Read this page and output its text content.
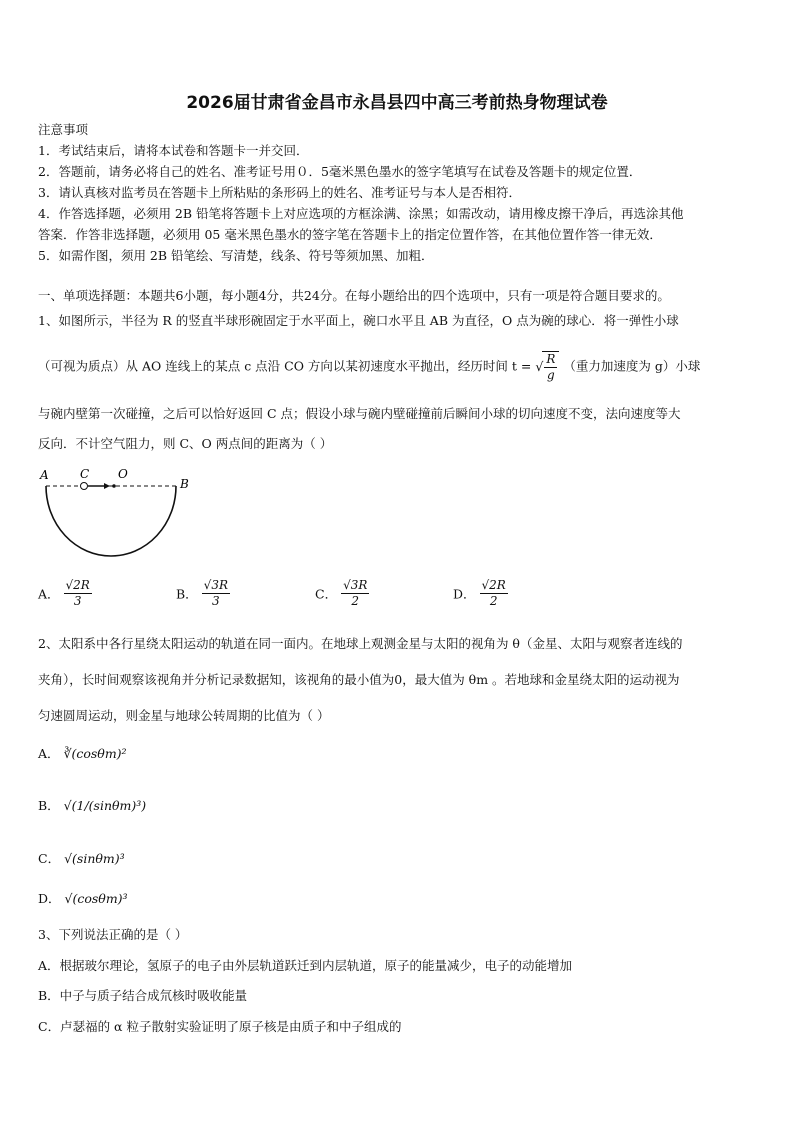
2026届甘肃省金昌市永昌县四中高三考前热身物理试卷
注意事项
1．考试结束后，请将本试卷和答题卡一并交回．
2．答题前，请务必将自己的姓名、准考证号用０．5毫米黑色墨水的签字笔填写在试卷及答题卡的规定位置．
3．请认真核对监考员在答题卡上所粘贴的条形码上的姓名、准考证号与本人是否相符．
4．作答选择题，必须用 2B 铅笔将答题卡上对应选项的方框涂满、涂黑；如需改动，请用橡皮擦干净后，再选涂其他
答案．作答非选择题，必须用 05 毫米黑色墨水的签字笔在答题卡上的指定位置作答，在其他位置作答一律无效．
5．如需作图，须用 2B 铅笔绘、写清楚，线条、符号等须加黑、加粗．
一、单项选择题：本题共6小题，每小题4分，共24分。在每小题给出的四个选项中，只有一项是符合题目要求的。
1、如图所示，半径为 R 的竖直半球形碗固定于水平面上，碗口水平且 AB 为直径，O 点为碗的球心．将一弹性小球
（可视为质点）从 AO 连线上的某点 c 点沿 CO 方向以某初速度水平抛出，经历时间 t = √ $\frac{R}{g}$ （重力加速度为 g）小球
与碗内壁第一次碰撞，之后可以恰好返回 C 点；假设小球与碗内壁碰撞前后瞬间小球的切向速度不变，法向速度等大
反向．不计空气阻力，则 C、O 两点间的距离为（ ）
A	C O
B
A． $\frac{√2R}{3}$	B． $\frac{√3R}{3}$	C． $\frac{√3R}{2}$	D． $\frac{√2R}{2}$
2、太阳系中各行星绕太阳运动的轨道在同一面内。在地球上观测金星与太阳的视角为 θ（金星、太阳与观察者连线的
夹角），长时间观察该视角并分析记录数据知，该视角的最小值为0，最大值为 θm 。若地球和金星绕太阳的运动视为
匀速圆周运动，则金星与地球公转周期的比值为（ ）
A． ∛(cosθm)²
B． √(1/(sinθm)³)
C． √(sinθm)³
D． √(cosθm)³
3、下列说法正确的是（ ）
A．根据玻尔理论，氢原子的电子由外层轨道跃迁到内层轨道，原子的能量减少，电子的动能增加
B．中子与质子结合成氘核时吸收能量
C．卢瑟福的 α 粒子散射实验证明了原子核是由质子和中子组成的
